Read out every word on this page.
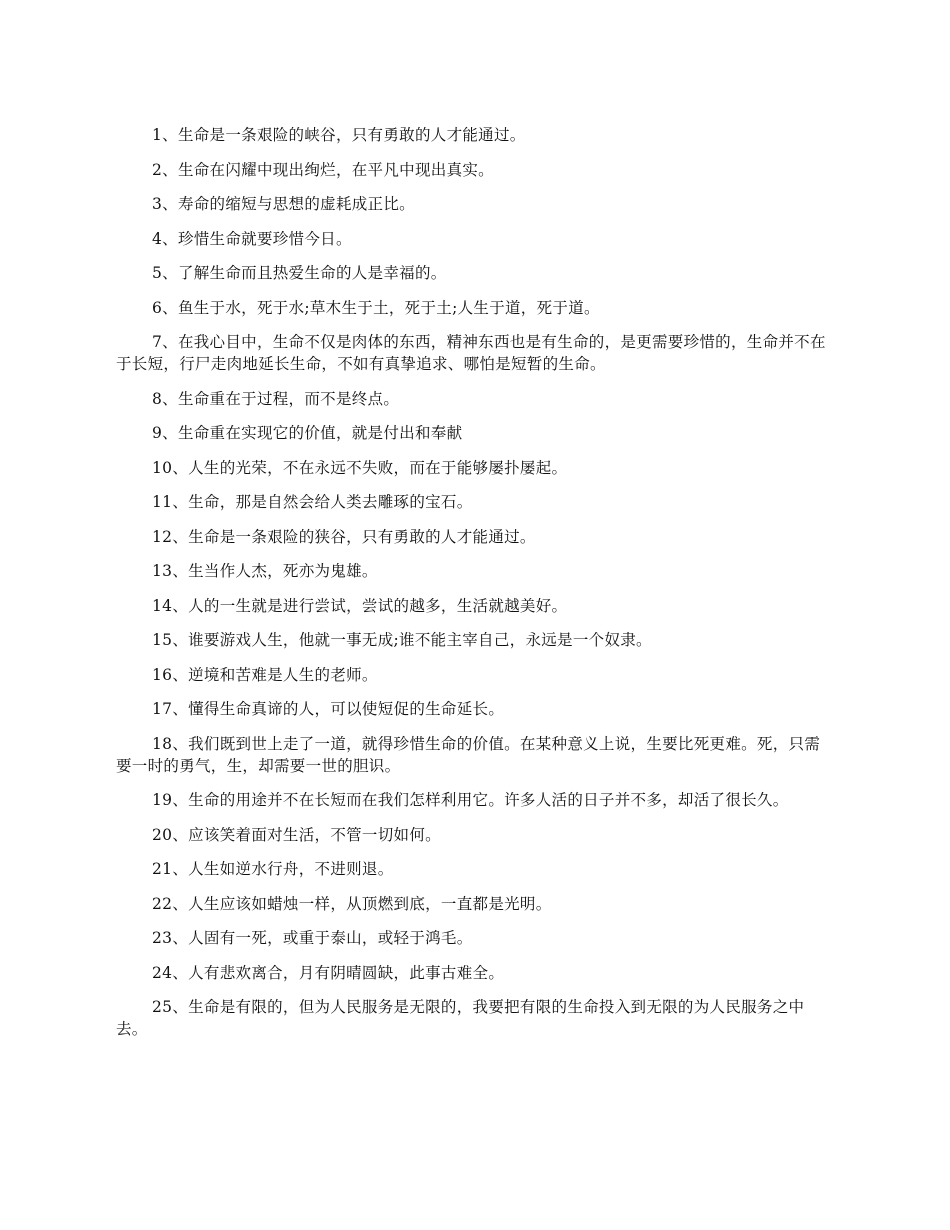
1、生命是一条艰险的峡谷，只有勇敢的人才能通过。

2、生命在闪耀中现出绚烂，在平凡中现出真实。

3、寿命的缩短与思想的虚耗成正比。

4、珍惜生命就要珍惜今日。

5、了解生命而且热爱生命的人是幸福的。

6、鱼生于水，死于水;草木生于土，死于土;人生于道，死于道。

7、在我心目中，生命不仅是肉体的东西，精神东西也是有生命的，是更需要珍惜的，生命并不在于长短，行尸走肉地延长生命，不如有真挚追求、哪怕是短暂的生命。

8、生命重在于过程，而不是终点。

9、生命重在实现它的价值，就是付出和奉献

10、人生的光荣，不在永远不失败，而在于能够屡扑屡起。

11、生命，那是自然会给人类去雕琢的宝石。

12、生命是一条艰险的狭谷，只有勇敢的人才能通过。

13、生当作人杰，死亦为鬼雄。

14、人的一生就是进行尝试，尝试的越多，生活就越美好。

15、谁要游戏人生，他就一事无成;谁不能主宰自己，永远是一个奴隶。

16、逆境和苦难是人生的老师。

17、懂得生命真谛的人，可以使短促的生命延长。

18、我们既到世上走了一道，就得珍惜生命的价值。在某种意义上说，生要比死更难。死，只需要一时的勇气，生，却需要一世的胆识。

19、生命的用途并不在长短而在我们怎样利用它。许多人活的日子并不多，却活了很长久。

20、应该笑着面对生活，不管一切如何。

21、人生如逆水行舟，不进则退。

22、人生应该如蜡烛一样，从顶燃到底，一直都是光明。

23、人固有一死，或重于泰山，或轻于鸿毛。

24、人有悲欢离合，月有阴晴圆缺，此事古难全。

25、生命是有限的，但为人民服务是无限的，我要把有限的生命投入到无限的为人民服务之中去。
